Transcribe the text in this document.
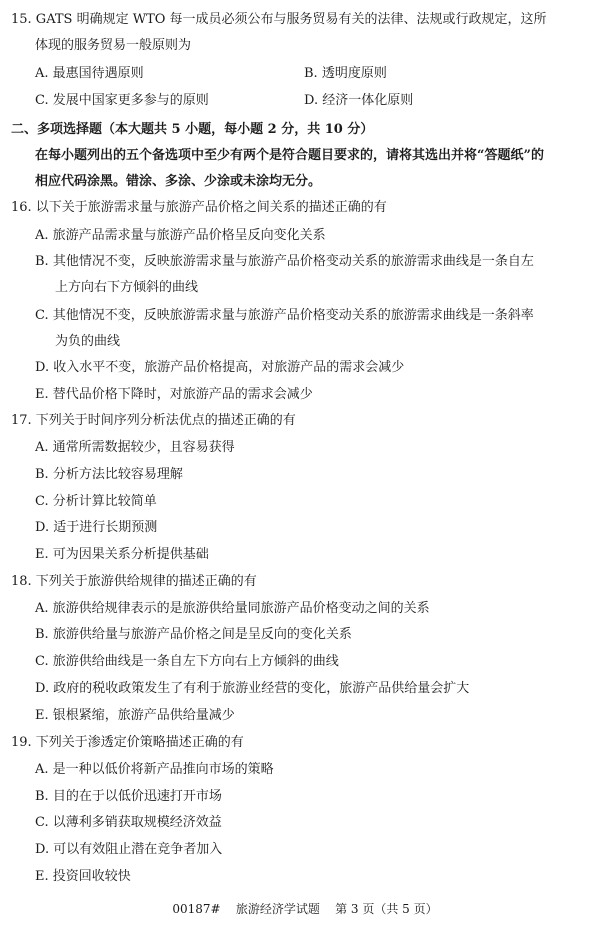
15. GATS 明确规定 WTO 每一成员必须公布与服务贸易有关的法律、法规或行政规定，这所
体现的服务贸易一般原则为
A. 最惠国待遇原则	B. 透明度原则
C. 发展中国家更多参与的原则	D. 经济一体化原则
二、多项选择题（本大题共 5 小题，每小题 2 分，共 10 分）
在每小题列出的五个备选项中至少有两个是符合题目要求的，请将其选出并将“答题纸”的
相应代码涂黑。错涂、多涂、少涂或未涂均无分。
16. 以下关于旅游需求量与旅游产品价格之间关系的描述正确的有
A. 旅游产品需求量与旅游产品价格呈反向变化关系
B. 其他情况不变，反映旅游需求量与旅游产品价格变动关系的旅游需求曲线是一条自左
上方向右下方倾斜的曲线
C. 其他情况不变，反映旅游需求量与旅游产品价格变动关系的旅游需求曲线是一条斜率
为负的曲线
D. 收入水平不变，旅游产品价格提高，对旅游产品的需求会减少
E. 替代品价格下降时，对旅游产品的需求会减少
17. 下列关于时间序列分析法优点的描述正确的有
A. 通常所需数据较少，且容易获得
B. 分析方法比较容易理解
C. 分析计算比较简单
D. 适于进行长期预测
E. 可为因果关系分析提供基础
18. 下列关于旅游供给规律的描述正确的有
A. 旅游供给规律表示的是旅游供给量同旅游产品价格变动之间的关系
B. 旅游供给量与旅游产品价格之间是呈反向的变化关系
C. 旅游供给曲线是一条自左下方向右上方倾斜的曲线
D. 政府的税收政策发生了有利于旅游业经营的变化，旅游产品供给量会扩大
E. 银根紧缩，旅游产品供给量减少
19. 下列关于渗透定价策略描述正确的有
A. 是一种以低价将新产品推向市场的策略
B. 目的在于以低价迅速打开市场
C. 以薄利多销获取规模经济效益
D. 可以有效阻止潜在竞争者加入
E. 投资回收较快
00187#    旅游经济学试题    第 3 页（共 5 页）
